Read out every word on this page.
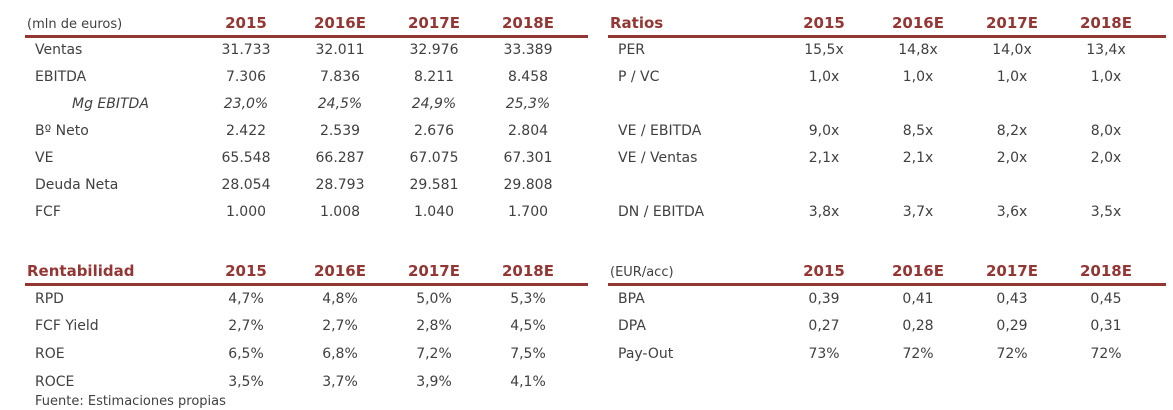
(mln de euros)	2015	2016E	2017E	2018E	
Ventas	31.733	32.011	32.976	33.389	
EBITDA	7.306	7.836	8.211	8.458	
Mg EBITDA	23,0%	24,5%	24,9%	25,3%	
Bº Neto	2.422	2.539	2.676	2.804	
VE	65.548	66.287	67.075	67.301	
Deuda Neta	28.054	28.793	29.581	29.808	
FCF	1.000	1.008	1.040	1.700	
Ratios	2015	2016E	2017E	2018E	
PER	15,5x	14,8x	14,0x	13,4x	
P / VC	1,0x	1,0x	1,0x	1,0x	

VE / EBITDA	9,0x	8,5x	8,2x	8,0x	
VE / Ventas	2,1x	2,1x	2,0x	2,0x	

DN / EBITDA	3,8x	3,7x	3,6x	3,5x	
Rentabilidad	2015	2016E	2017E	2018E	
RPD	4,7%	4,8%	5,0%	5,3%	
FCF Yield	2,7%	2,7%	2,8%	4,5%	
ROE	6,5%	6,8%	7,2%	7,5%	
ROCE	3,5%	3,7%	3,9%	4,1%	
(EUR/acc)	2015	2016E	2017E	2018E	
BPA	0,39	0,41	0,43	0,45	
DPA	0,27	0,28	0,29	0,31	
Pay-Out	73%	72%	72%	72%	
Fuente: Estimaciones propias
